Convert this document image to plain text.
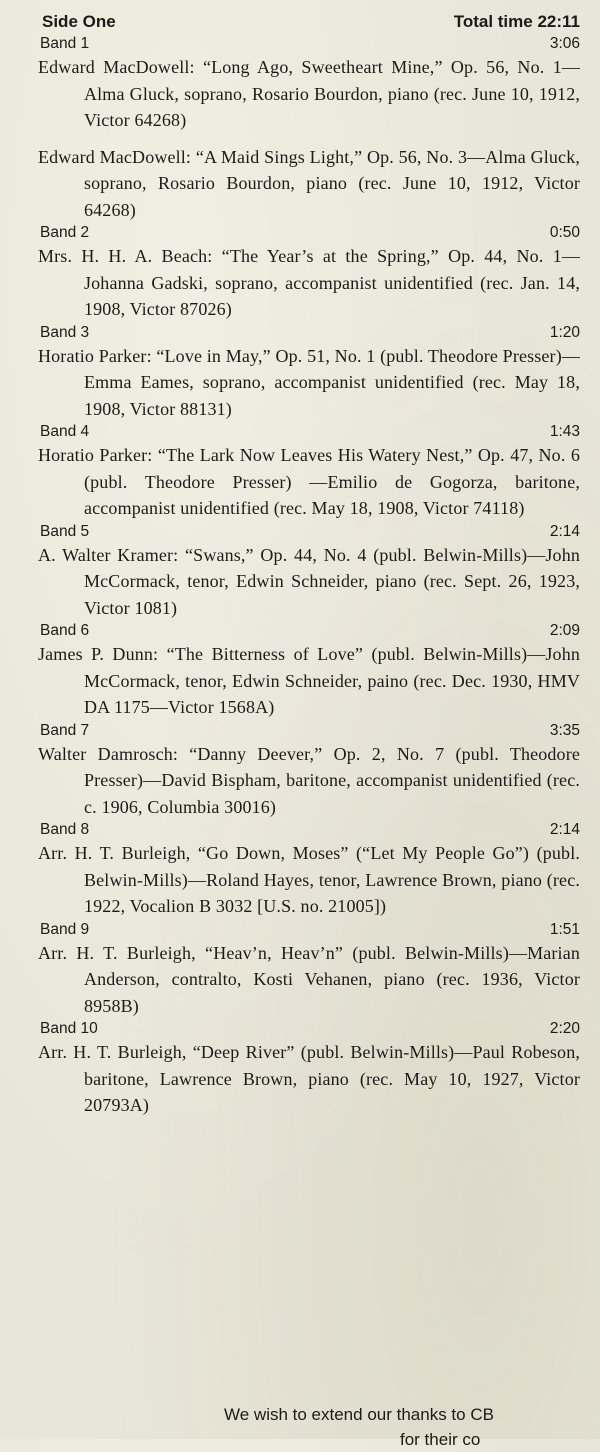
Side One	Total time 22:11
Band 1	3:06
Edward MacDowell: “Long Ago, Sweetheart Mine,” Op. 56, No. 1—Alma Gluck, soprano, Rosario Bourdon, piano (rec. June 10, 1912, Victor 64268)
Edward MacDowell: “A Maid Sings Light,” Op. 56, No. 3—Alma Gluck, soprano, Rosario Bourdon, piano (rec. June 10, 1912, Victor 64268)
Band 2	0:50
Mrs. H. H. A. Beach: “The Year’s at the Spring,” Op. 44, No. 1—Johanna Gadski, soprano, accompanist unidentified (rec. Jan. 14, 1908, Victor 87026)
Band 3	1:20
Horatio Parker: “Love in May,” Op. 51, No. 1 (publ. Theodore Presser)—Emma Eames, soprano, accompanist unidentified (rec. May 18, 1908, Victor 88131)
Band 4	1:43
Horatio Parker: “The Lark Now Leaves His Watery Nest,” Op. 47, No. 6 (publ. Theodore Presser) —Emilio de Gogorza, baritone, accompanist unidentified (rec. May 18, 1908, Victor 74118)
Band 5	2:14
A. Walter Kramer: “Swans,” Op. 44, No. 4 (publ. Belwin-Mills)—John McCormack, tenor, Edwin Schneider, piano (rec. Sept. 26, 1923, Victor 1081)
Band 6	2:09
James P. Dunn: “The Bitterness of Love” (publ. Belwin-Mills)—John McCormack, tenor, Edwin Schneider, paino (rec. Dec. 1930, HMV DA 1175—Victor 1568A)
Band 7	3:35
Walter Damrosch: “Danny Deever,” Op. 2, No. 7 (publ. Theodore Presser)—David Bispham, baritone, accompanist unidentified (rec. c. 1906, Columbia 30016)
Band 8	2:14
Arr. H. T. Burleigh, “Go Down, Moses” (“Let My People Go”) (publ. Belwin-Mills)—Roland Hayes, tenor, Lawrence Brown, piano (rec. 1922, Vocalion B 3032 [U.S. no. 21005])
Band 9	1:51
Arr. H. T. Burleigh, “Heav’n, Heav’n” (publ. Belwin-Mills)—Marian Anderson, contralto, Kosti Vehanen, piano (rec. 1936, Victor 8958B)
Band 10	2:20
Arr. H. T. Burleigh, “Deep River” (publ. Belwin-Mills)—Paul Robeson, baritone, Lawrence Brown, piano (rec. May 10, 1927, Victor 20793A)
We wish to extend our thanks to CB
for their co
